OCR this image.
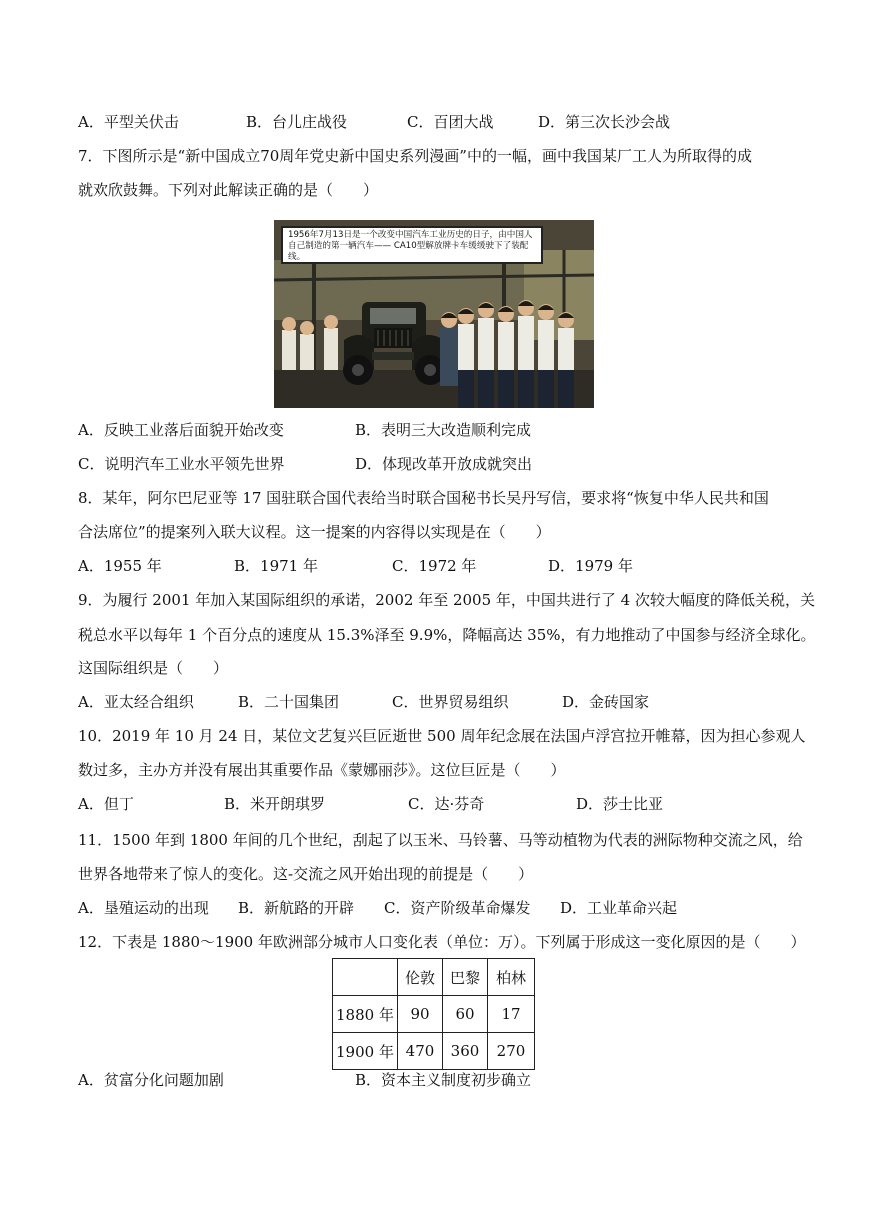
A．平型关伏击	B．台儿庄战役	C．百团大战	D．第三次长沙会战
7．下图所示是“新中国成立70周年党史新中国史系列漫画”中的一幅，画中我国某厂工人为所取得的成
就欢欣鼓舞。下列对此解读正确的是（　　）
1956年7月13日是一个改变中国汽车工业历史的日子，由中国人自己制造的第一辆汽车—— CA10型解放牌卡车缓缓驶下了装配线。
A．反映工业落后面貌开始改变	B．表明三大改造顺利完成
C．说明汽车工业水平领先世界	D．体现改革开放成就突出
8．某年，阿尔巴尼亚等 17 国驻联合国代表给当时联合国秘书长吴丹写信，要求将“恢复中华人民共和国
合法席位”的提案列入联大议程。这一提案的内容得以实现是在（　　）
A．1955 年	B．1971 年	C．1972 年	D．1979 年
9．为履行 2001 年加入某国际组织的承诺，2002 年至 2005 年，中国共进行了 4 次较大幅度的降低关税，关
税总水平以每年 1 个百分点的速度从 15.3%泽至 9.9%，降幅高达 35%，有力地推动了中国参与经济全球化。
这国际组织是（　　）
A．亚太经合组织	B．二十国集团	C．世界贸易组织	D．金砖国家
10．2019 年 10 月 24 日，某位文艺复兴巨匠逝世 500 周年纪念展在法国卢浮宫拉开帷幕，因为担心参观人
数过多，主办方并没有展出其重要作品《蒙娜丽莎》。这位巨匠是（　　）
A．但丁	B．米开朗琪罗	C．达·芬奇	D．莎士比亚
11．1500 年到 1800 年间的几个世纪，刮起了以玉米、马铃薯、马等动植物为代表的洲际物种交流之风，给
世界各地带来了惊人的变化。这-交流之风开始出现的前提是（　　）
A．垦殖运动的出现 B．新航路的开辟 C．资产阶级革命爆发 D．工业革命兴起
12．下表是 1880～1900 年欧洲部分城市人口变化表（单位：万）。下列属于形成这一变化原因的是（　　）
	伦敦	巴黎	柏林
1880 年	90	60	17
1900 年	470	360	270
A．贫富分化问题加剧	B．资本主义制度初步确立
